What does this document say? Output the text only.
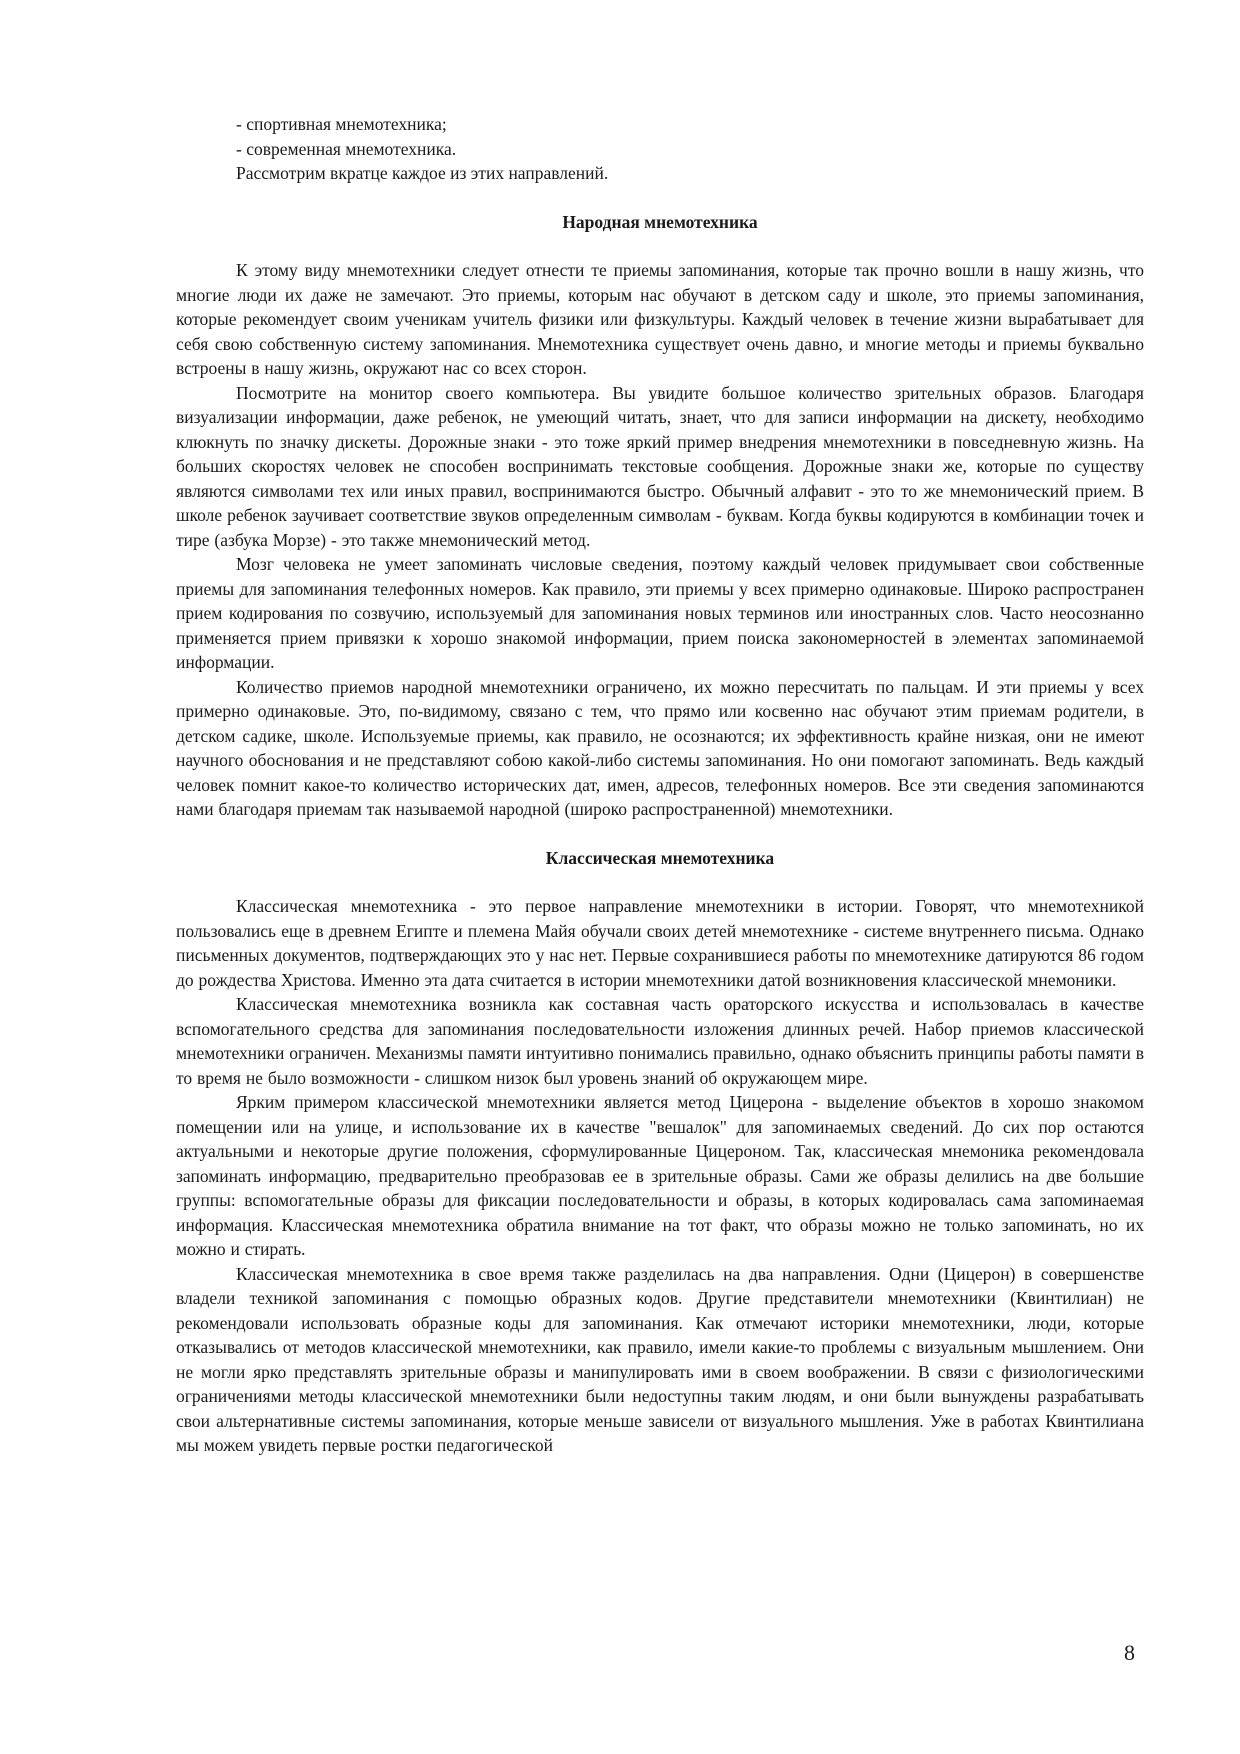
- спортивная мнемотехника;

- современная мнемотехника.

Рассмотрим вкратце каждое из этих направлений.

Народная мнемотехника

К этому виду мнемотехники следует отнести те приемы запоминания, которые так прочно вошли в нашу жизнь, что многие люди их даже не замечают. Это приемы, которым нас обучают в детском саду и школе, это приемы запоминания, которые рекомендует своим ученикам учитель физики или физкультуры. Каждый человек в течение жизни вырабатывает для себя свою собственную систему запоминания. Мнемотехника существует очень давно, и многие методы и приемы буквально встроены в нашу жизнь, окружают нас со всех сторон.

Посмотрите на монитор своего компьютера. Вы увидите большое количество зрительных образов. Благодаря визуализации информации, даже ребенок, не умеющий читать, знает, что для записи информации на дискету, необходимо клюкнуть по значку дискеты. Дорожные знаки - это тоже яркий пример внедрения мнемотехники в повседневную жизнь. На больших скоростях человек не способен воспринимать текстовые сообщения. Дорожные знаки же, которые по существу являются символами тех или иных правил, воспринимаются быстро. Обычный алфавит - это то же мнемонический прием. В школе ребенок заучивает соответствие звуков определенным символам - буквам. Когда буквы кодируются в комбинации точек и тире (азбука Морзе) - это также мнемонический метод.

Мозг человека не умеет запоминать числовые сведения, поэтому каждый человек придумывает свои собственные приемы для запоминания телефонных номеров. Как правило, эти приемы у всех примерно одинаковые. Широко распространен прием кодирования по созвучию, используемый для запоминания новых терминов или иностранных слов. Часто неосознанно применяется прием привязки к хорошо знакомой информации, прием поиска закономерностей в элементах запоминаемой информации.

Количество приемов народной мнемотехники ограничено, их можно пересчитать по пальцам. И эти приемы у всех примерно одинаковые. Это, по-видимому, связано с тем, что прямо или косвенно нас обучают этим приемам родители, в детском садике, школе. Используемые приемы, как правило, не осознаются; их эффективность крайне низкая, они не имеют научного обоснования и не представляют собою какой-либо системы запоминания. Но они помогают запоминать. Ведь каждый человек помнит какое-то количество исторических дат, имен, адресов, телефонных номеров. Все эти сведения запоминаются нами благодаря приемам так называемой народной (широко распространенной) мнемотехники.

Классическая мнемотехника

Классическая мнемотехника - это первое направление мнемотехники в истории. Говорят, что мнемотехникой пользовались еще в древнем Египте и племена Майя обучали своих детей мнемотехнике - системе внутреннего письма. Однако письменных документов, подтверждающих это у нас нет. Первые сохранившиеся работы по мнемотехнике датируются 86 годом до рождества Христова. Именно эта дата считается в истории мнемотехники датой возникновения классической мнемоники.

Классическая мнемотехника возникла как составная часть ораторского искусства и использовалась в качестве вспомогательного средства для запоминания последовательности изложения длинных речей. Набор приемов классической мнемотехники ограничен. Механизмы памяти интуитивно понимались правильно, однако объяснить принципы работы памяти в то время не было возможности - слишком низок был уровень знаний об окружающем мире.

Ярким примером классической мнемотехники является метод Цицерона - выделение объектов в хорошо знакомом помещении или на улице, и использование их в качестве "вешалок" для запоминаемых сведений. До сих пор остаются актуальными и некоторые другие положения, сформулированные Цицероном. Так, классическая мнемоника рекомендовала запоминать информацию, предварительно преобразовав ее в зрительные образы. Сами же образы делились на две большие группы: вспомогательные образы для фиксации последовательности и образы, в которых кодировалась сама запоминаемая информация. Классическая мнемотехника обратила внимание на тот факт, что образы можно не только запоминать, но их можно и стирать.

Классическая мнемотехника в свое время также разделилась на два направления. Одни (Цицерон) в совершенстве владели техникой запоминания с помощью образных кодов. Другие представители мнемотехники (Квинтилиан) не рекомендовали использовать образные коды для запоминания. Как отмечают историки мнемотехники, люди, которые отказывались от методов классической мнемотехники, как правило, имели какие-то проблемы с визуальным мышлением. Они не могли ярко представлять зрительные образы и манипулировать ими в своем воображении. В связи с физиологическими ограничениями методы классической мнемотехники были недоступны таким людям, и они были вынуждены разрабатывать свои альтернативные системы запоминания, которые меньше зависели от визуального мышления. Уже в работах Квинтилиана мы можем увидеть первые ростки педагогической

8
